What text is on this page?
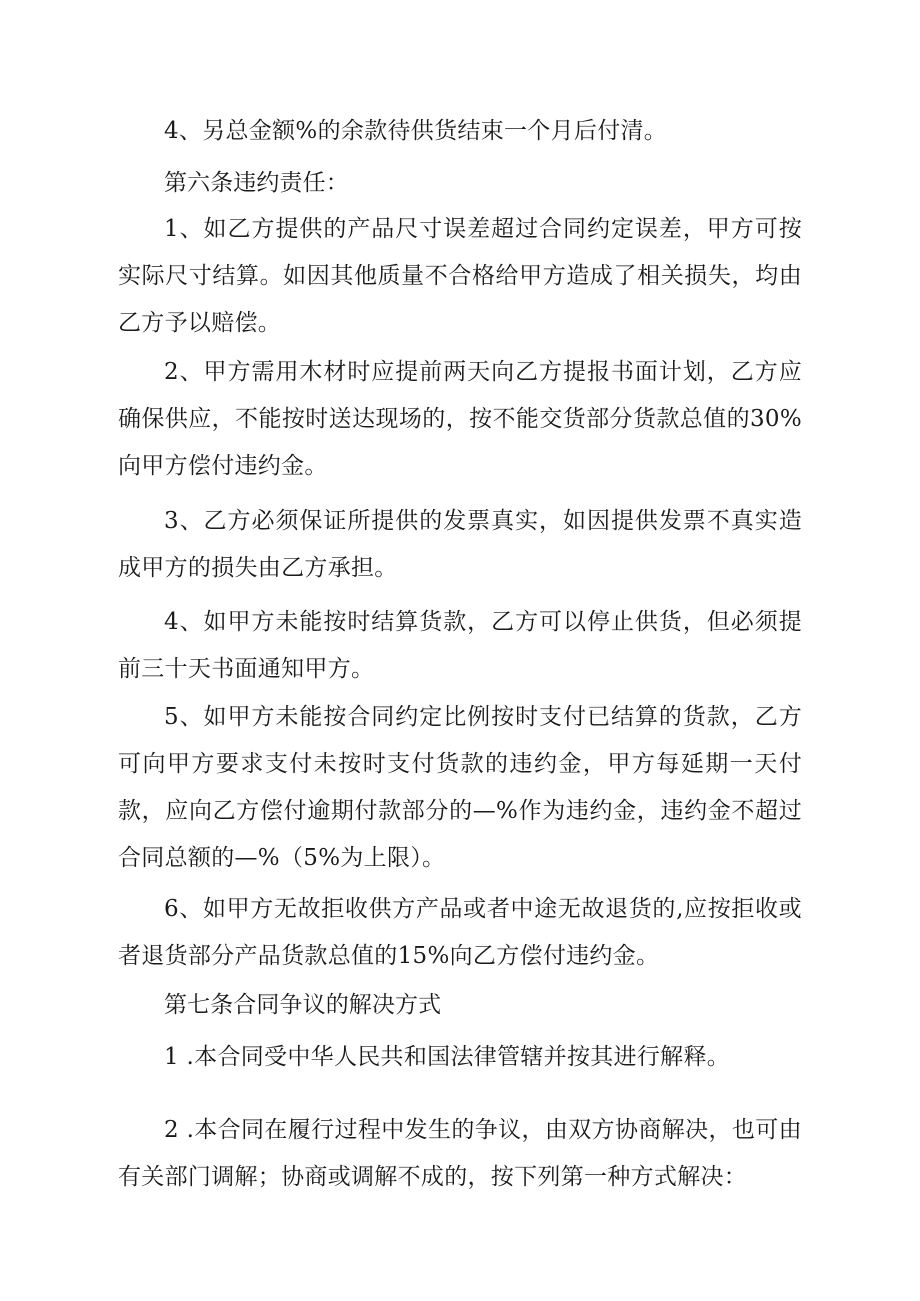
4、另总金额%的余款待供货结束一个月后付清。

第六条违约责任：

1、如乙方提供的产品尺寸误差超过合同约定误差，甲方可按实际尺寸结算。如因其他质量不合格给甲方造成了相关损失，均由乙方予以赔偿。

2、甲方需用木材时应提前两天向乙方提报书面计划，乙方应确保供应，不能按时送达现场的，按不能交货部分货款总值的30%向甲方偿付违约金。

3、乙方必须保证所提供的发票真实，如因提供发票不真实造成甲方的损失由乙方承担。

4、如甲方未能按时结算货款，乙方可以停止供货，但必须提前三十天书面通知甲方。

5、如甲方未能按合同约定比例按时支付已结算的货款，乙方可向甲方要求支付未按时支付货款的违约金，甲方每延期一天付款，应向乙方偿付逾期付款部分的—%作为违约金，违约金不超过合同总额的—%（5%为上限）。

6、如甲方无故拒收供方产品或者中途无故退货的,应按拒收或者退货部分产品货款总值的15%向乙方偿付违约金。

第七条合同争议的解决方式

1 .本合同受中华人民共和国法律管辖并按其进行解释。

2 .本合同在履行过程中发生的争议，由双方协商解决，也可由有关部门调解；协商或调解不成的，按下列第一种方式解决：
